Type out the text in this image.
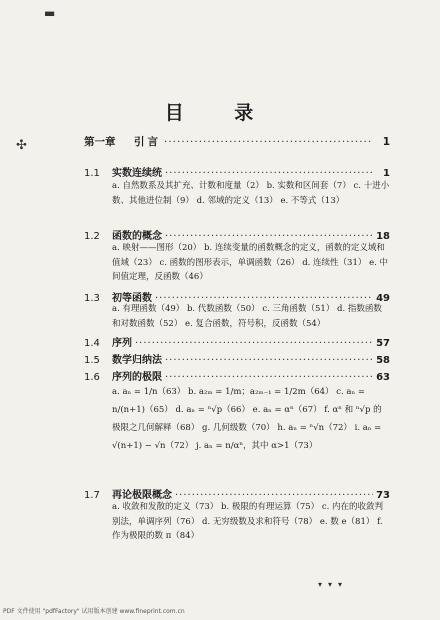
▬
✣
目 录
第一章	引言 ·····	1
1.1	实数连续统 ·····	1
a. 自然数系及其扩充、计数和度量（2） b. 实数和区间套（7） c. 十进小数、其他进位制（9） d. 邻域的定义（13） e. 不等式（13）
1.2	函数的概念 ·····	18
a. 映射——图形（20） b. 连续变量的函数概念的定义，函数的定义域和值域（23） c. 函数的图形表示，单调函数（26） d. 连续性（31） e. 中间值定理，反函数（46）
1.3	初等函数 ·····	49
a. 有理函数（49） b. 代数函数（50） c. 三角函数（51） d. 指数函数和对数函数（52） e. 复合函数，符号积，反函数（54）
1.4	序列 ·····	57
1.5	数学归纳法 ·····	58
1.6	序列的极限 ·····	63
a. aₙ = 1/n（63） b. a₂ₘ = 1/m；a₂ₘ₋₁ = 1/2m（64） c. aₙ = n/(n+1)（65） d. aₙ = ⁿ√p（66） e. aₙ = αⁿ（67） f. αⁿ 和 ⁿ√p 的极限之几何解释（68） g. 几何级数（70） h. aₙ = ⁿ√n（72） i. aₙ = √(n+1) − √n（72） j. aₙ = n/αⁿ，其中 α>1（73）
1.7	再论极限概念 ·····	73
a. 收敛和发散的定义（73） b. 极限的有理运算（75） c. 内在的收敛判别法，单调序列（76） d. 无穷级数及求和符号（78） e. 数 e（81） f. 作为极限的数 π（84）
▾▾▾
PDF 文件使用 "pdfFactory" 试用版本创建 www.fineprint.com.cn
